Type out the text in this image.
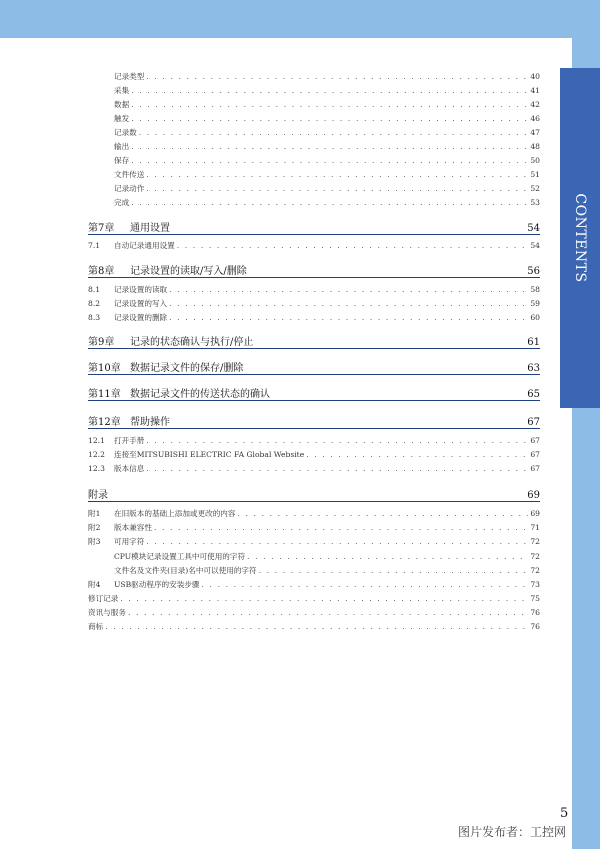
CONTENTS
记录类型 . . .	40
采集 . . .	41
数据 . . .	42
触发 . . .	46
记录数 . . .	47
输出 . . .	48
保存 . . .	50
文件传送 . . .	51
记录动作 . . .	52
完成 . . .	53
第7章	通用设置	54
7.1	自动记录通用设置 . . .	54
第8章	记录设置的读取/写入/删除	56
8.1	记录设置的读取 . . .	58
8.2	记录设置的写入 . . .	59
8.3	记录设置的删除 . . .	60
第9章	记录的状态确认与执行/停止	61
第10章 数据记录文件的保存/删除	63
第11章 数据记录文件的传送状态的确认	65
第12章 帮助操作	67
12.1	打开手册 . . .	67
12.2	连接至MITSUBISHI ELECTRIC FA Global Website . . .	67
12.3	版本信息 . . .	67
附录	69
附1	在旧版本的基础上添加或更改的内容 . . .	69
附2	版本兼容性 . . .	71
附3	可用字符 . . .	72
CPU模块记录设置工具中可使用的字符 . . .	72
文件名及文件夹(目录)名中可以使用的字符 . . .	72
附4	USB驱动程序的安装步骤 . . .	73
修订记录 . . .	75
资讯与服务 . . .	76
商标 . . .	76
5
图片发布者：工控网
